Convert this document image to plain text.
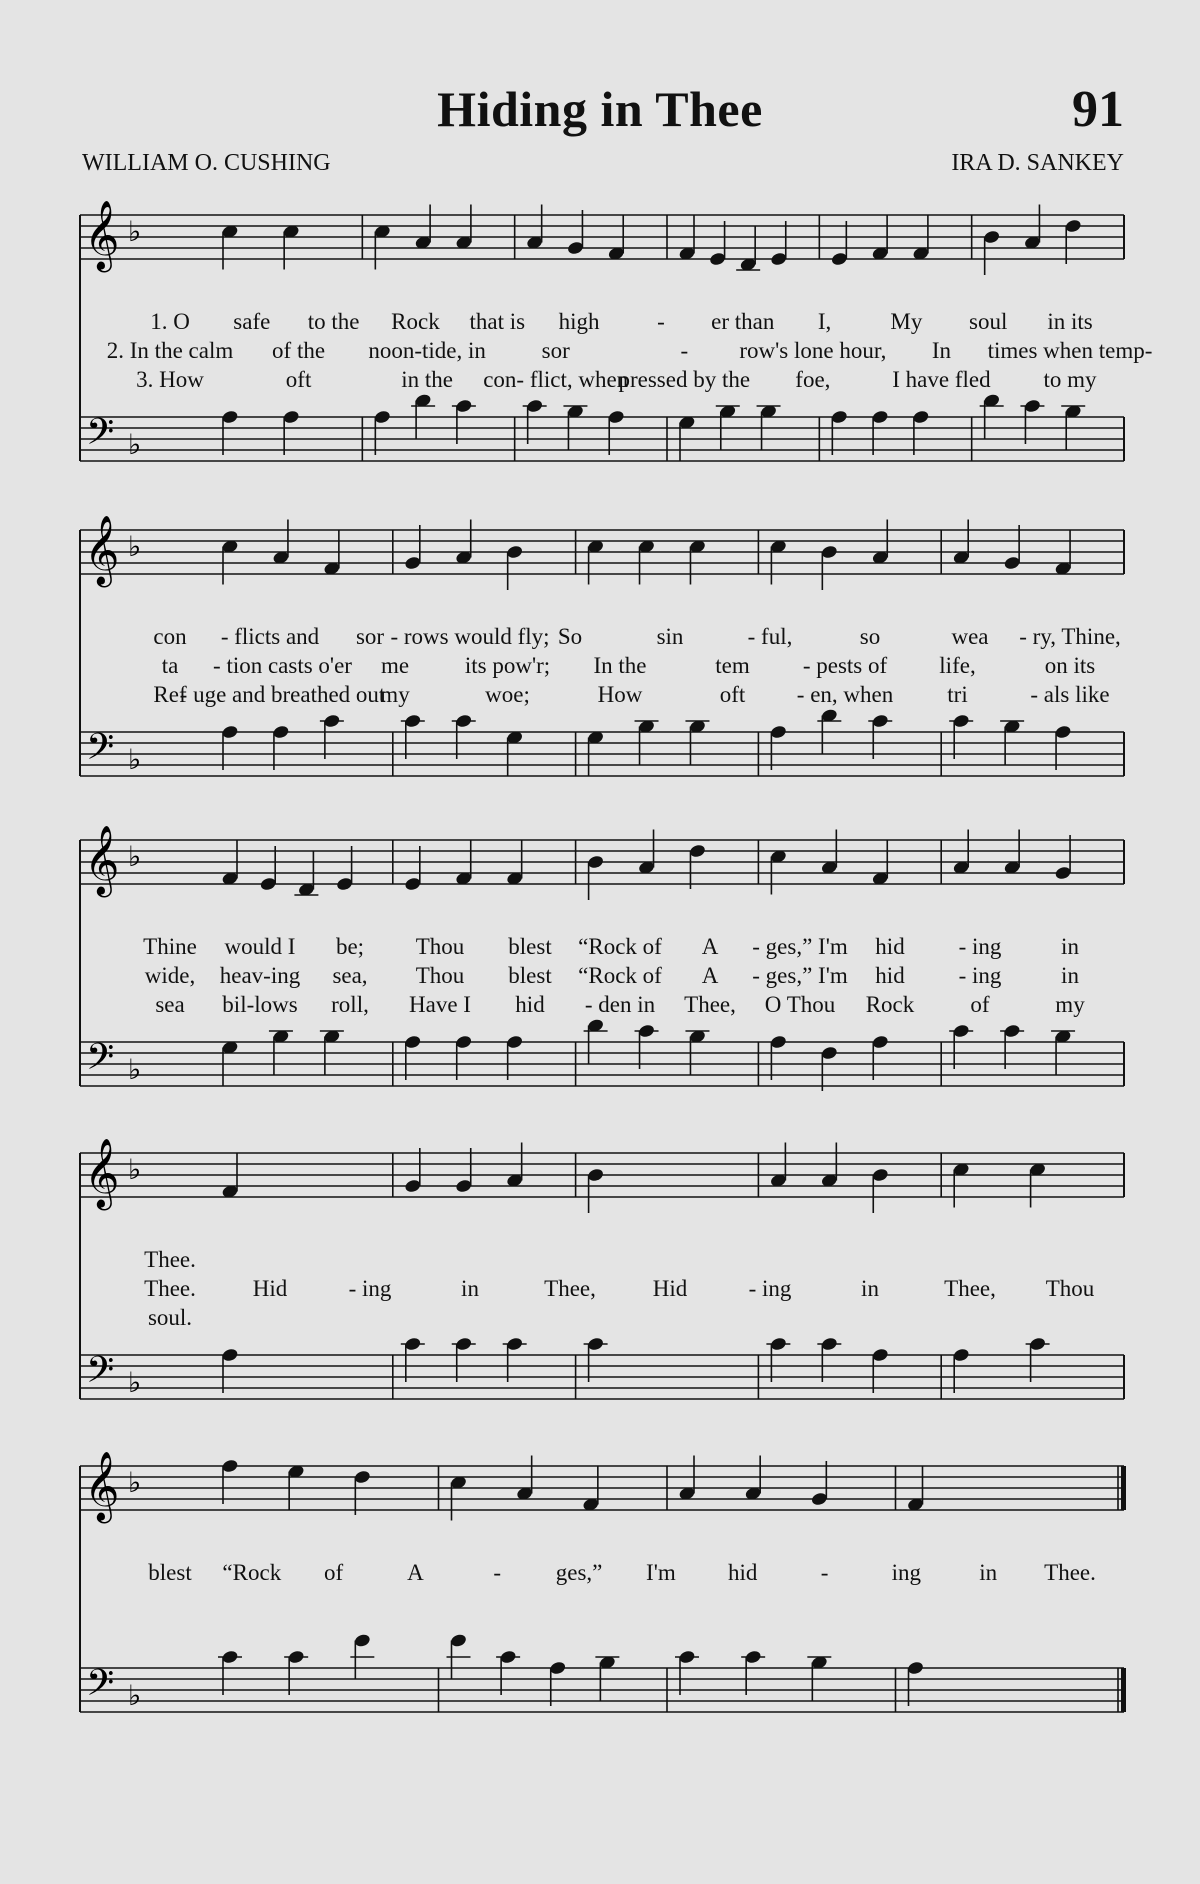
Hiding in Thee	91
WILLIAM O. CUSHING	IRA D. SANKEY
𝄞
𝄢
♭
♭
1. O safe to the Rock that is high	- er than I,	My soul in its
2. In the calm of the noon-tide, in sor	- row's lone hour, In times when temp-
3. How	oft	in the con- flict, when
pressed by the foe,	I have fled to my
𝄞
𝄢
♭
♭
con - flicts and sor - rows would fly; So	sin	- ful,	so	wea - ry, Thine,
ta - tion casts o'er me its pow'r; In the	tem - pests of life,	on its
Ref
- uge and breathed out
my	woe;	How	oft - en, when tri	- als like
𝄞
𝄢
♭
♭
Thine would I be; Thou blest “Rock of A - ges,” I'm hid - ing	in
wide, heav-ing sea, Thou blest “Rock of A - ges,” I'm hid - ing	in
sea bil-lows roll, Have I hid - den in Thee, O Thou Rock of	my
𝄞
𝄢
♭
♭
Thee.
Thee. Hid	- ing	in	Thee, Hid	- ing	in	Thee, Thou
soul.
𝄞
𝄢
♭
♭
blest “Rock of	A	- ges,” I'm hid	-	ing	in Thee.
